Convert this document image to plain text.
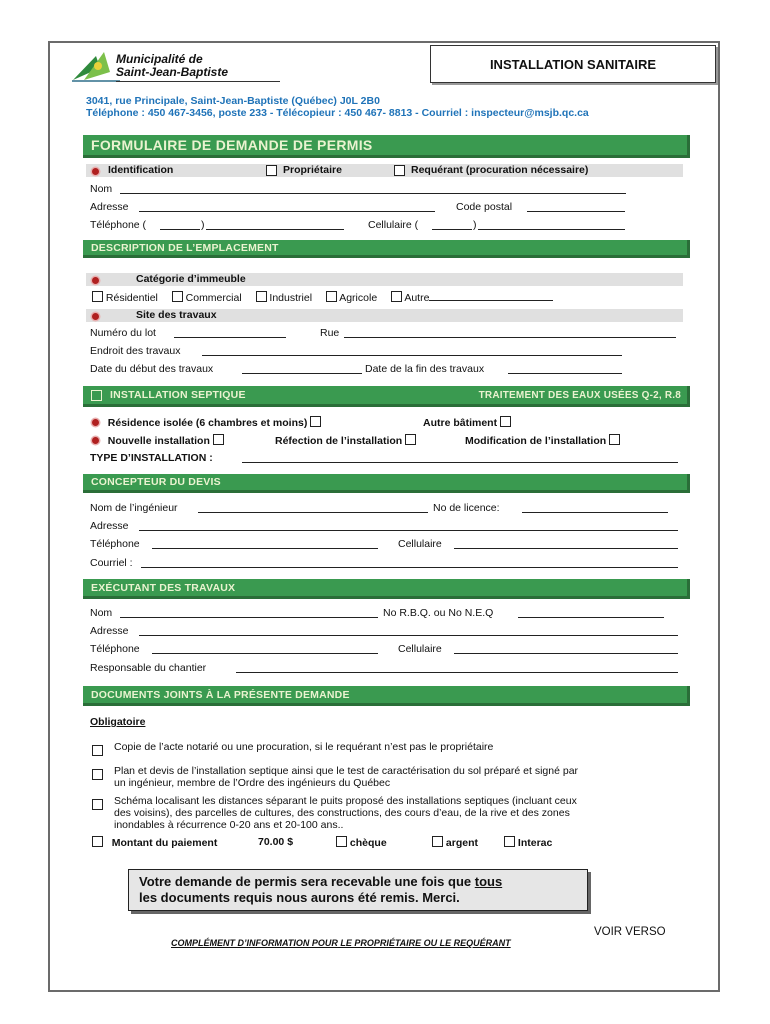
Municipalité de
Saint-Jean-Baptiste
INSTALLATION SANITAIRE
3041, rue Principale, Saint-Jean-Baptiste (Québec) J0L 2B0
Téléphone : 450 467-3456, poste 233 - Télécopieur : 450 467- 8813 - Courriel : inspecteur@msjb.qc.ca
FORMULAIRE DE DEMANDE DE PERMIS
Identification	Propriétaire	Requérant (procuration nécessaire)
Nom
Adresse	Code postal
Téléphone (	)	Cellulaire (	)
DESCRIPTION DE L’EMPLACEMENT
Catégorie d’immeuble
Résidentiel	Commercial	Industriel	Agricole	Autre
Site des travaux
Numéro du lot	Rue
Endroit des travaux
Date du début des travaux	Date de la fin des travaux
INSTALLATION SEPTIQUE	TRAITEMENT DES EAUX USÉES Q-2, R.8
Résidence isolée (6 chambres et moins)	Autre bâtiment
Nouvelle installation	Réfection de l’installation	Modification de l’installation
TYPE D’INSTALLATION :
CONCEPTEUR DU DEVIS
Nom de l’ingénieur	No de licence:
Adresse
Téléphone	Cellulaire
Courriel :
EXÉCUTANT DES TRAVAUX
Nom	No R.B.Q. ou No N.E.Q
Adresse
Téléphone	Cellulaire
Responsable du chantier
DOCUMENTS JOINTS À LA PRÉSENTE DEMANDE
Obligatoire
Copie de l’acte notarié ou une procuration, si le requérant n’est pas le propriétaire
Plan et devis de l’installation septique ainsi que le test de caractérisation du sol préparé et signé par
un ingénieur, membre de l’Ordre des ingénieurs du Québec
Schéma localisant les distances séparant le puits proposé des installations septiques (incluant ceux
des voisins), des parcelles de cultures, des constructions, des cours d’eau, de la rive et des zones
inondables à récurrence 0-20 ans et 20-100 ans..
Montant du paiement	70.00 $	chèque	argent	Interac
Votre demande de permis sera recevable une fois que tous
les documents requis nous aurons été remis. Merci.
VOIR VERSO
COMPLÉMENT D’INFORMATION POUR LE PROPRIÉTAIRE OU LE REQUÉRANT
